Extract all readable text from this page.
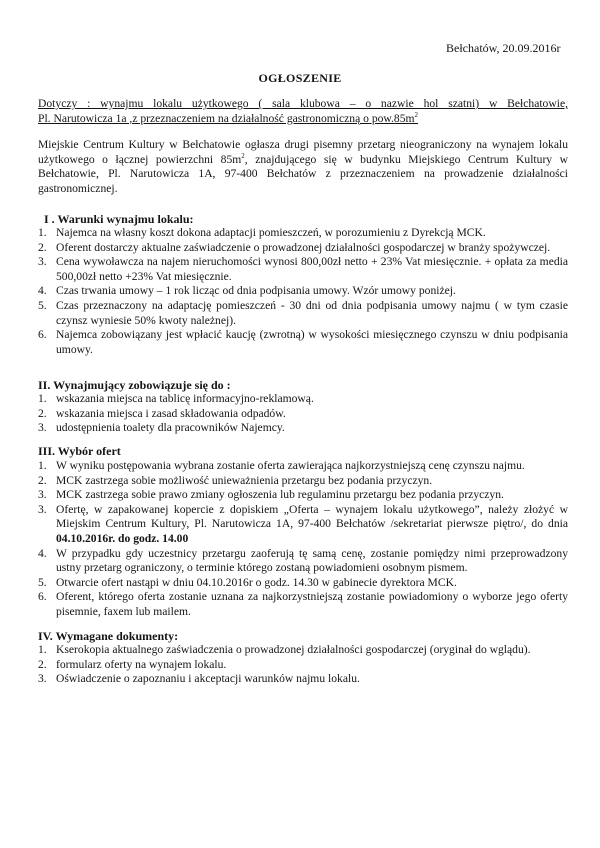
Bełchatów, 20.09.2016r
OGŁOSZENIE
Dotyczy : wynajmu lokalu użytkowego ( sala klubowa – o nazwie hol szatni) w Bełchatowie,
Pl. Narutowicza 1a ,z przeznaczeniem na działalność gastronomiczną o $pow.85m^2$
Miejskie Centrum Kultury w Bełchatowie ogłasza drugi pisemny przetarg nieograniczony na wynajem lokalu użytkowego o łącznej powierzchni $85m^2$, znajdującego się w budynku Miejskiego Centrum Kultury w Bełchatowie, Pl. Narutowicza 1A, 97-400 Bełchatów z przeznaczeniem na prowadzenie działalności gastronomicznej.
I . Warunki wynajmu lokalu:
1. Najemca na własny koszt dokona adaptacji pomieszczeń, w porozumieniu z Dyrekcją MCK.
2. Oferent dostarczy aktualne zaświadczenie o prowadzonej działalności gospodarczej w branży spożywczej.
3. Cena wywoławcza na najem nieruchomości wynosi 800,00zł netto + 23% Vat miesięcznie. + opłata za media 500,00zł netto +23% Vat miesięcznie.
4. Czas trwania umowy – 1 rok licząc od dnia podpisania umowy. Wzór umowy poniżej.
5. Czas przeznaczony na adaptację pomieszczeń - 30 dni od dnia podpisania umowy najmu ( w tym czasie czynsz wyniesie 50% kwoty należnej).
6. Najemca zobowiązany jest wpłacić kaucję (zwrotną) w wysokości miesięcznego czynszu w dniu podpisania umowy.
II. Wynajmujący zobowiązuje się do :
1. wskazania miejsca na tablicę informacyjno-reklamową.
2. wskazania miejsca i zasad składowania odpadów.
3. udostępnienia toalety dla pracowników Najemcy.
III. Wybór ofert
1. W wyniku postępowania wybrana zostanie oferta zawierająca najkorzystniejszą cenę czynszu najmu.
2. MCK zastrzega sobie możliwość unieważnienia przetargu bez podania przyczyn.
3. MCK zastrzega sobie prawo zmiany ogłoszenia lub regulaminu przetargu bez podania przyczyn.
3. Ofertę, w zapakowanej kopercie z dopiskiem „Oferta – wynajem lokalu użytkowego”, należy złożyć w Miejskim Centrum Kultury, Pl. Narutowicza 1A, 97-400 Bełchatów /sekretariat pierwsze piętro/, do dnia 04.10.2016r. do godz. 14.00
4. W przypadku gdy uczestnicy przetargu zaoferują tę samą cenę, zostanie pomiędzy nimi przeprowadzony ustny przetarg ograniczony, o terminie którego zostaną powiadomieni osobnym pismem.
5. Otwarcie ofert nastąpi w dniu 04.10.2016r o godz. 14.30 w gabinecie dyrektora MCK.
6. Oferent, którego oferta zostanie uznana za najkorzystniejszą zostanie powiadomiony o wyborze jego oferty pisemnie, faxem lub mailem.
IV. Wymagane dokumenty:
1. Kserokopia aktualnego zaświadczenia o prowadzonej działalności gospodarczej (oryginał do wglądu).
2. formularz oferty na wynajem lokalu.
3. Oświadczenie o zapoznaniu i akceptacji warunków najmu lokalu.
